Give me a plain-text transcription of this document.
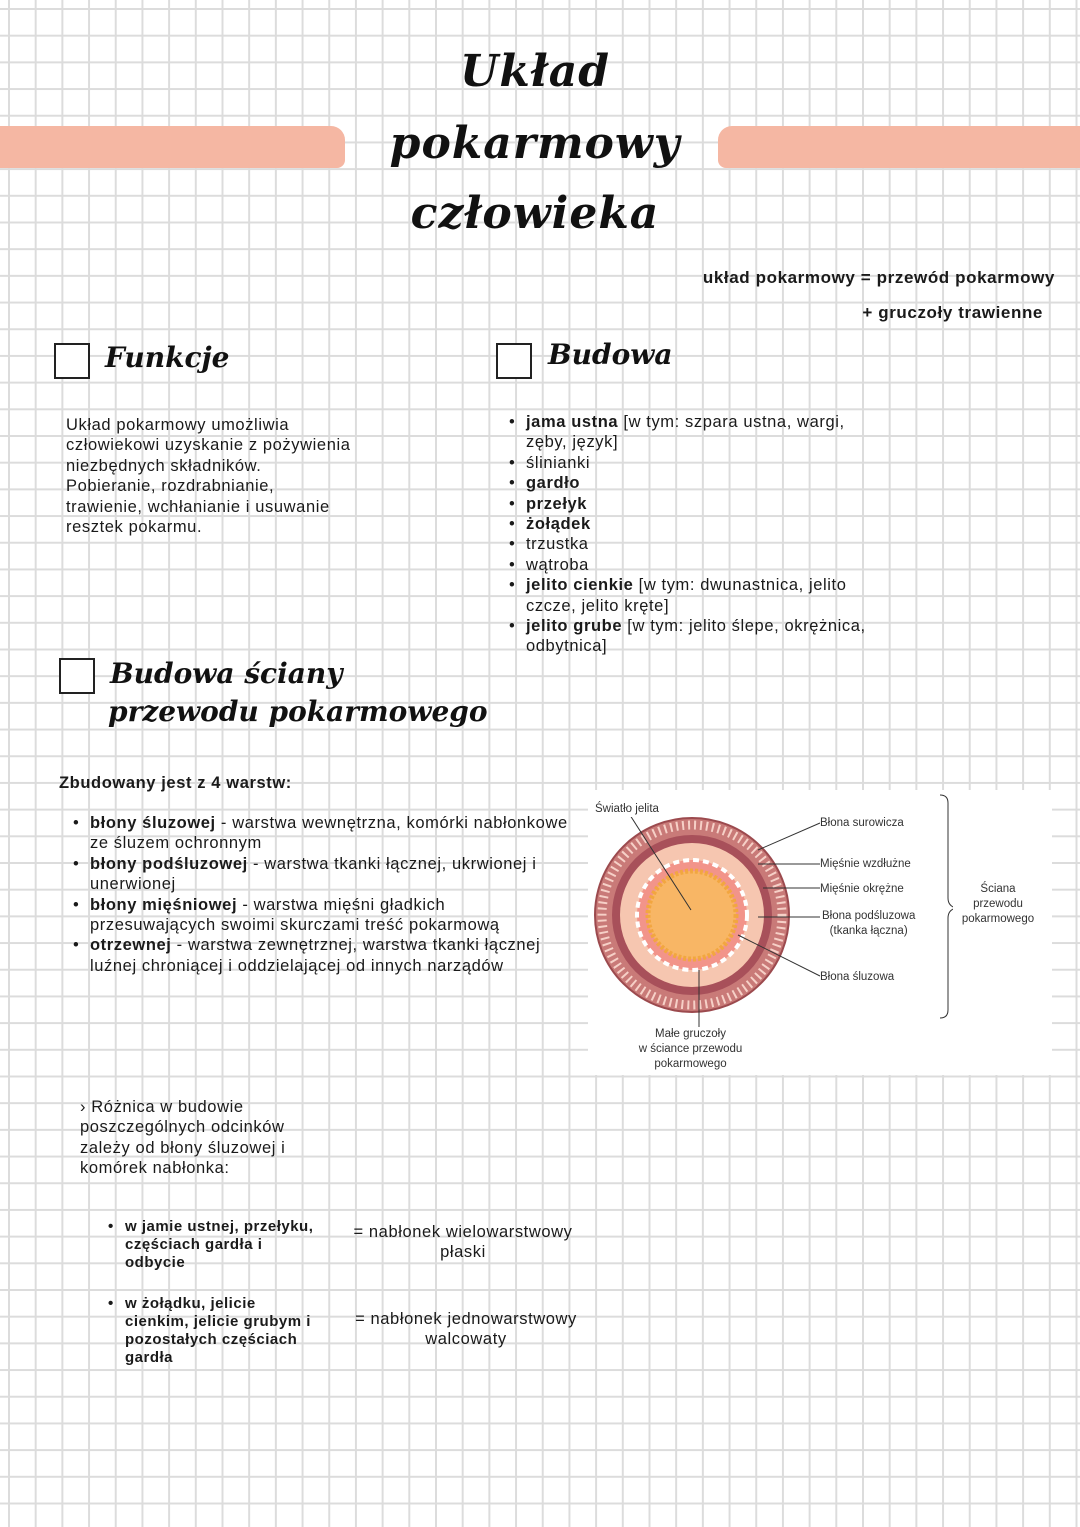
Układ
pokarmowy
człowieka
układ pokarmowy = przewód pokarmowy
+ gruczoły trawienne
Funkcje
Układ pokarmowy umożliwia człowiekowi uzyskanie z pożywienia niezbędnych składników.
Pobieranie, rozdrabnianie, trawienie, wchłanianie i usuwanie resztek pokarmu.
Budowa
• jama ustna [w tym: szpara ustna, wargi, zęby, język]
• ślinianki
• gardło
• przełyk
• żołądek
• trzustka
• wątroba
• jelito cienkie [w tym: dwunastnica, jelito czcze, jelito kręte]
• jelito grube [w tym: jelito ślepe, okrężnica, odbytnica]
Budowa ściany
przewodu pokarmowego
Zbudowany jest z 4 warstw:
• błony śluzowej - warstwa wewnętrzna, komórki nabłonkowe ze śluzem ochronnym
• błony podśluzowej - warstwa tkanki łącznej, ukrwionej i unerwionej
• błony mięśniowej - warstwa mięśni gładkich przesuwających swoimi skurczami treść pokarmową
• otrzewnej - warstwa zewnętrznej, warstwa tkanki łącznej luźnej chroniącej i oddzielającej od innych narządów
Światło jelita
Błona surowicza
Mięśnie wzdłużne
Mięśnie okrężne
Błona podśluzowa
(tkanka łączna)
Błona śluzowa
Małe gruczoły
w ściance przewodu
pokarmowego
Ściana
przewodu
pokarmowego
› Różnica w budowie poszczególnych odcinków zależy od błony śluzowej i komórek nabłonka:
• w jamie ustnej, przełyku, częściach gardła i odbycie
= nabłonek wielowarstwowy
płaski
• w żołądku, jelicie cienkim, jelicie grubym i pozostałych częściach gardła
= nabłonek jednowarstwowy
walcowaty
